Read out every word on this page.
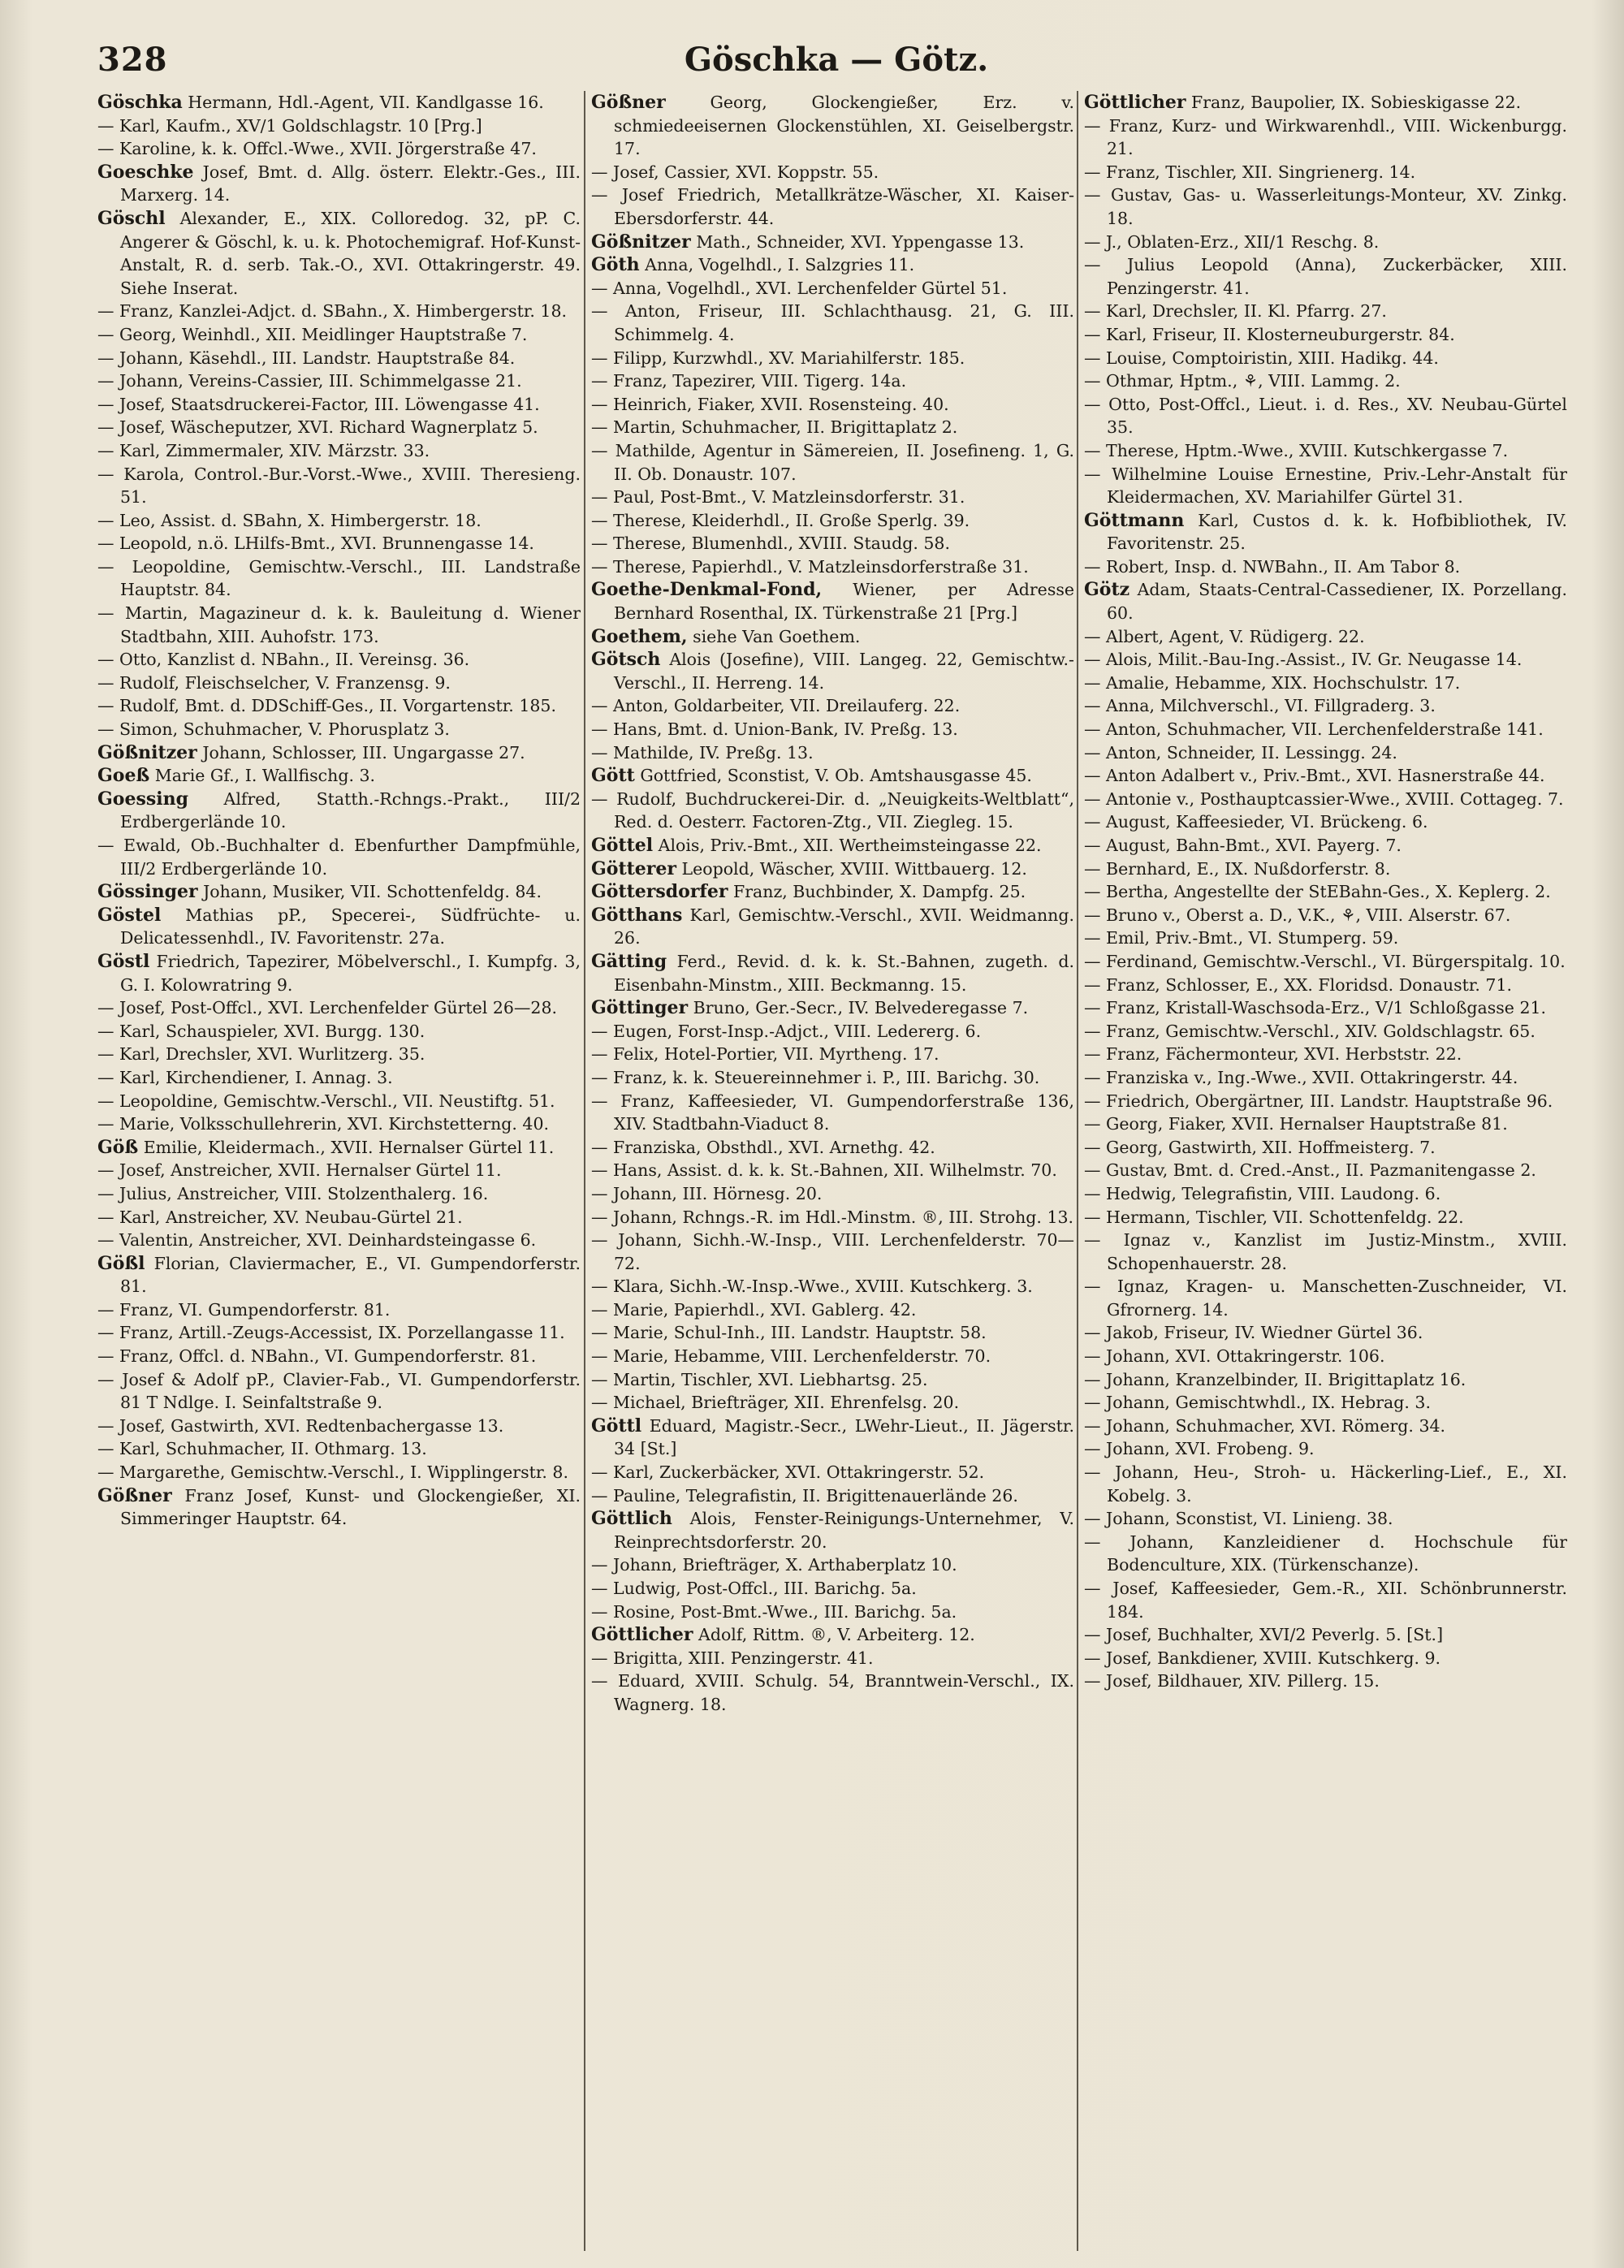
328	Göschka — Götz.

Göschka Hermann, Hdl.-Agent, VII. Kandlgasse 16.

— Karl, Kaufm., XV/1 Goldschlagstr. 10 [Prg.]

— Karoline, k. k. Offcl.-Wwe., XVII. Jörgerstraße 47.

Goeschke Josef, Bmt. d. Allg. österr. Elektr.-Ges., III. Marxerg. 14.

Göschl Alexander, E., XIX. Colloredog. 32, pP. C. Angerer & Göschl, k. u. k. Photochemigraf. Hof-Kunst-Anstalt, R. d. serb. Tak.-O., XVI. Ottakringerstr. 49. Siehe Inserat.

— Franz, Kanzlei-Adjct. d. SBahn., X. Himbergerstr. 18.

— Georg, Weinhdl., XII. Meidlinger Hauptstraße 7.

— Johann, Käsehdl., III. Landstr. Hauptstraße 84.

— Johann, Vereins-Cassier, III. Schimmelgasse 21.

— Josef, Staatsdruckerei-Factor, III. Löwengasse 41.

— Josef, Wäscheputzer, XVI. Richard Wagnerplatz 5.

— Karl, Zimmermaler, XIV. Märzstr. 33.

— Karola, Control.-Bur.-Vorst.-Wwe., XVIII. Theresieng. 51.

— Leo, Assist. d. SBahn, X. Himbergerstr. 18.

— Leopold, n.ö. LHilfs-Bmt., XVI. Brunnengasse 14.

— Leopoldine, Gemischtw.-Verschl., III. Landstraße Hauptstr. 84.

— Martin, Magazineur d. k. k. Bauleitung d. Wiener Stadtbahn, XIII. Auhofstr. 173.

— Otto, Kanzlist d. NBahn., II. Vereinsg. 36.

— Rudolf, Fleischselcher, V. Franzensg. 9.

— Rudolf, Bmt. d. DDSchiff-Ges., II. Vorgartenstr. 185.

— Simon, Schuhmacher, V. Phorusplatz 3.

Gößnitzer Johann, Schlosser, III. Ungargasse 27.

Goeß Marie Gf., I. Wallfischg. 3.

Goessing Alfred, Statth.-Rchngs.-Prakt., III/2 Erdbergerlände 10.

— Ewald, Ob.-Buchhalter d. Ebenfurther Dampfmühle, III/2 Erdbergerlände 10.

Gössinger Johann, Musiker, VII. Schottenfeldg. 84.

Göstel Mathias pP., Specerei-, Südfrüchte- u. Delicatessenhdl., IV. Favoritenstr. 27a.

Göstl Friedrich, Tapezirer, Möbelverschl., I. Kumpfg. 3, G. I. Kolowratring 9.

— Josef, Post-Offcl., XVI. Lerchenfelder Gürtel 26—28.

— Karl, Schauspieler, XVI. Burgg. 130.

— Karl, Drechsler, XVI. Wurlitzerg. 35.

— Karl, Kirchendiener, I. Annag. 3.

— Leopoldine, Gemischtw.-Verschl., VII. Neustiftg. 51.

— Marie, Volksschullehrerin, XVI. Kirchstetterng. 40.

Göß Emilie, Kleidermach., XVII. Hernalser Gürtel 11.

— Josef, Anstreicher, XVII. Hernalser Gürtel 11.

— Julius, Anstreicher, VIII. Stolzenthalerg. 16.

— Karl, Anstreicher, XV. Neubau-Gürtel 21.

— Valentin, Anstreicher, XVI. Deinhardsteingasse 6.

Gößl Florian, Claviermacher, E., VI. Gumpendorferstr. 81.

— Franz, VI. Gumpendorferstr. 81.

— Franz, Artill.-Zeugs-Accessist, IX. Porzellangasse 11.

— Franz, Offcl. d. NBahn., VI. Gumpendorferstr. 81.

— Josef & Adolf pP., Clavier-Fab., VI. Gumpendorferstr. 81 T Ndlge. I. Seinfaltstraße 9.

— Josef, Gastwirth, XVI. Redtenbachergasse 13.

— Karl, Schuhmacher, II. Othmarg. 13.

— Margarethe, Gemischtw.-Verschl., I. Wipplingerstr. 8.

Gößner Franz Josef, Kunst- und Glockengießer, XI. Simmeringer Hauptstr. 64.

Gößner	Georg, Glockengießer, Erz. v. schmiedeeisernen Glockenstühlen, XI. Geiselbergstr. 17.

— Josef, Cassier, XVI. Koppstr. 55.

— Josef Friedrich, Metallkrätze-Wäscher, XI. Kaiser-Ebersdorferstr. 44.

Gößnitzer Math., Schneider, XVI. Yppengasse 13.

Göth Anna, Vogelhdl., I. Salzgries 11.

— Anna, Vogelhdl., XVI. Lerchenfelder Gürtel 51.

— Anton, Friseur, III. Schlachthausg. 21, G. III. Schimmelg. 4.

— Filipp, Kurzwhdl., XV. Mariahilferstr. 185.

— Franz, Tapezirer, VIII. Tigerg. 14a.

— Heinrich, Fiaker, XVII. Rosensteing. 40.

— Martin, Schuhmacher, II. Brigittaplatz 2.

— Mathilde, Agentur in Sämereien, II. Josefineng. 1, G. II. Ob. Donaustr. 107.

— Paul, Post-Bmt., V. Matzleinsdorferstr. 31.

— Therese, Kleiderhdl., II. Große Sperlg. 39.

— Therese, Blumenhdl., XVIII. Staudg. 58.

— Therese, Papierhdl., V. Matzleinsdorferstraße 31.

Goethe-Denkmal-Fond, Wiener, per Adresse Bernhard Rosenthal, IX. Türkenstraße 21 [Prg.]

Goethem, siehe Van Goethem.

Götsch Alois (Josefine), VIII. Langeg. 22, Gemischtw.-Verschl., II. Herreng. 14.

— Anton, Goldarbeiter, VII. Dreilauferg. 22.

— Hans, Bmt. d. Union-Bank, IV. Preßg. 13.

— Mathilde, IV. Preßg. 13.

Gött Gottfried, Sconstist, V. Ob. Amtshausgasse 45.

— Rudolf, Buchdruckerei-Dir. d. „Neuigkeits-Weltblatt“, Red. d. Oesterr. Factoren-Ztg., VII. Ziegleg. 15.

Göttel Alois, Priv.-Bmt., XII. Wertheimsteingasse 22.

Götterer Leopold, Wäscher, XVIII. Wittbauerg. 12.

Göttersdorfer Franz, Buchbinder, X. Dampfg. 25.

Götthans Karl, Gemischtw.-Verschl., XVII. Weidmanng. 26.

Gätting Ferd., Revid. d. k. k. St.-Bahnen, zugeth. d. Eisenbahn-Minstm., XIII. Beckmanng. 15.

Göttinger Bruno, Ger.-Secr., IV. Belvederegasse 7.

— Eugen, Forst-Insp.-Adjct., VIII. Ledererg. 6.

— Felix, Hotel-Portier, VII. Myrtheng. 17.

— Franz, k. k. Steuereinnehmer i. P., III. Barichg. 30.

— Franz, Kaffeesieder, VI. Gumpendorferstraße 136, XIV. Stadtbahn-Viaduct 8.

— Franziska, Obsthdl., XVI. Arnethg. 42.

— Hans, Assist. d. k. k. St.-Bahnen, XII. Wilhelmstr. 70.

— Johann, III. Hörnesg. 20.

— Johann, Rchngs.-R. im Hdl.-Minstm. ®, III. Strohg. 13.

— Johann, Sichh.-W.-Insp., VIII. Lerchenfelderstr. 70—72.

— Klara, Sichh.-W.-Insp.-Wwe., XVIII. Kutschkerg. 3.

— Marie, Papierhdl., XVI. Gablerg. 42.

— Marie, Schul-Inh., III. Landstr. Hauptstr. 58.

— Marie, Hebamme, VIII. Lerchenfelderstr. 70.

— Martin, Tischler, XVI. Liebhartsg. 25.

— Michael, Briefträger, XII. Ehrenfelsg. 20.

Göttl Eduard, Magistr.-Secr., LWehr-Lieut., II. Jägerstr. 34 [St.]

— Karl, Zuckerbäcker, XVI. Ottakringerstr. 52.

— Pauline, Telegrafistin, II. Brigittenauerlände 26.

Göttlich Alois, Fenster-Reinigungs-Unternehmer, V. Reinprechtsdorferstr. 20.

— Johann, Briefträger, X. Arthaberplatz 10.

— Ludwig, Post-Offcl., III. Barichg. 5a.

— Rosine, Post-Bmt.-Wwe., III. Barichg. 5a.

Göttlicher Adolf, Rittm. ®, V. Arbeiterg. 12.

— Brigitta, XIII. Penzingerstr. 41.

— Eduard, XVIII. Schulg. 54, Branntwein-Verschl., IX. Wagnerg. 18.

Göttlicher Franz, Baupolier, IX. Sobieskigasse 22.

— Franz, Kurz- und Wirkwarenhdl., VIII. Wickenburgg. 21.

— Franz, Tischler, XII. Singrienerg. 14.

— Gustav, Gas- u. Wasserleitungs-Monteur, XV. Zinkg. 18.

— J., Oblaten-Erz., XII/1 Reschg. 8.

— Julius Leopold (Anna), Zuckerbäcker, XIII. Penzingerstr. 41.

— Karl, Drechsler, II. Kl. Pfarrg. 27.

— Karl, Friseur, II. Klosterneuburgerstr. 84.

— Louise, Comptoiristin, XIII. Hadikg. 44.

— Othmar, Hptm., ⚘, VIII. Lammg. 2.

— Otto, Post-Offcl., Lieut. i. d. Res., XV. Neubau-Gürtel 35.

— Therese, Hptm.-Wwe., XVIII. Kutschkergasse 7.

— Wilhelmine Louise Ernestine, Priv.-Lehr-Anstalt für Kleidermachen, XV. Mariahilfer Gürtel 31.

Göttmann Karl, Custos d. k. k. Hofbibliothek, IV. Favoritenstr. 25.

— Robert, Insp. d. NWBahn., II. Am Tabor 8.

Götz Adam, Staats-Central-Cassediener, IX. Porzellang. 60.

— Albert, Agent, V. Rüdigerg. 22.

— Alois, Milit.-Bau-Ing.-Assist., IV. Gr. Neugasse 14.

— Amalie, Hebamme, XIX. Hochschulstr. 17.

— Anna, Milchverschl., VI. Fillgraderg. 3.

— Anton, Schuhmacher, VII. Lerchenfelderstraße 141.

— Anton, Schneider, II. Lessingg. 24.

— Anton Adalbert v., Priv.-Bmt., XVI. Hasnerstraße 44.

— Antonie v., Posthauptcassier-Wwe., XVIII. Cottageg. 7.

— August, Kaffeesieder, VI. Brückeng. 6.

— August, Bahn-Bmt., XVI. Payerg. 7.

— Bernhard, E., IX. Nußdorferstr. 8.

— Bertha, Angestellte der StEBahn-Ges., X. Keplerg. 2.

— Bruno v., Oberst a. D., V.K., ⚘, VIII. Alserstr. 67.

— Emil, Priv.-Bmt., VI. Stumperg. 59.

— Ferdinand, Gemischtw.-Verschl., VI. Bürgerspitalg. 10.

— Franz, Schlosser, E., XX. Floridsd. Donaustr. 71.

— Franz, Kristall-Waschsoda-Erz., V/1 Schloßgasse 21.

— Franz, Gemischtw.-Verschl., XIV. Goldschlagstr. 65.

— Franz, Fächermonteur, XVI. Herbststr. 22.

— Franziska v., Ing.-Wwe., XVII. Ottakringerstr. 44.

— Friedrich, Obergärtner, III. Landstr. Hauptstraße 96.

— Georg, Fiaker, XVII. Hernalser Hauptstraße 81.

— Georg, Gastwirth, XII. Hoffmeisterg. 7.

— Gustav, Bmt. d. Cred.-Anst., II. Pazmanitengasse 2.

— Hedwig, Telegrafistin, VIII. Laudong. 6.

— Hermann, Tischler, VII. Schottenfeldg. 22.

— Ignaz v., Kanzlist im Justiz-Minstm., XVIII. Schopenhauerstr. 28.

— Ignaz, Kragen- u. Manschetten-Zuschneider, VI. Gfrornerg. 14.

— Jakob, Friseur, IV. Wiedner Gürtel 36.

— Johann, XVI. Ottakringerstr. 106.

— Johann, Kranzelbinder, II. Brigittaplatz 16.

— Johann, Gemischtwhdl., IX. Hebrag. 3.

— Johann, Schuhmacher, XVI. Römerg. 34.

— Johann, XVI. Frobeng. 9.

— Johann, Heu-, Stroh- u. Häckerling-Lief., E., XI. Kobelg. 3.

— Johann, Sconstist, VI. Linieng. 38.

— Johann, Kanzleidiener d. Hochschule für Bodenculture, XIX. (Türkenschanze).

— Josef, Kaffeesieder, Gem.-R., XII. Schönbrunnerstr. 184.

— Josef, Buchhalter, XVI/2 Peverlg. 5. [St.]

— Josef, Bankdiener, XVIII. Kutschkerg. 9.

— Josef, Bildhauer, XIV. Pillerg. 15.
